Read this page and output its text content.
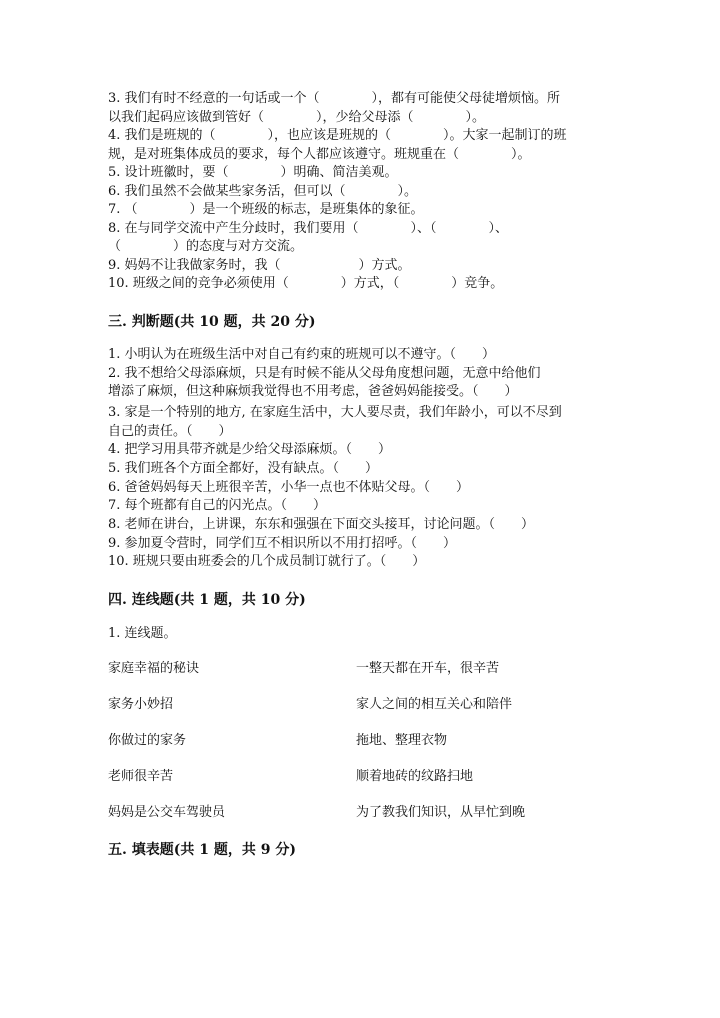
3. 我们有时不经意的一句话或一个（　　　　），都有可能使父母徒增烦恼。所
以我们起码应该做到管好（　　　　），少给父母添（　　　　）。
4. 我们是班规的（　　　　），也应该是班规的（　　　　）。大家一起制订的班
规，是对班集体成员的要求，每个人都应该遵守。班规重在（　　　　）。
5. 设计班徽时，要（　　　　）明确、简洁美观。
6. 我们虽然不会做某些家务活，但可以（　　　　）。
7. （　　　　）是一个班级的标志，是班集体的象征。
8. 在与同学交流中产生分歧时，我们要用（　　　　）、（　　　　）、
（　　　　）的态度与对方交流。
9. 妈妈不让我做家务时，我（　　　　　　）方式。
10. 班级之间的竞争必须使用（　　　　）方式，（　　　　）竞争。
三. 判断题(共 10 题，共 20 分)
1. 小明认为在班级生活中对自己有约束的班规可以不遵守。（　　）
2. 我不想给父母添麻烦，只是有时候不能从父母角度想问题，无意中给他们
增添了麻烦，但这种麻烦我觉得也不用考虑，爸爸妈妈能接受。（　　）
3. 家是一个特别的地方, 在家庭生活中，大人要尽责，我们年龄小，可以不尽到
自己的责任。（　　）
4. 把学习用具带齐就是少给父母添麻烦。（　　）
5. 我们班各个方面全都好，没有缺点。（　　）
6. 爸爸妈妈每天上班很辛苦，小华一点也不体贴父母。（　　）
7. 每个班都有自己的闪光点。（　　）
8. 老师在讲台，上讲课，东东和强强在下面交头接耳，讨论问题。（　　）
9. 参加夏令营时，同学们互不相识所以不用打招呼。（　　）
10. 班规只要由班委会的几个成员制订就行了。（　　）
四. 连线题(共 1 题，共 10 分)
1. 连线题。
家庭幸福的秘诀	一整天都在开车，很辛苦
家务小妙招	家人之间的相互关心和陪伴
你做过的家务	拖地、整理衣物
老师很辛苦	顺着地砖的纹路扫地
妈妈是公交车驾驶员	为了教我们知识，从早忙到晚
五. 填表题(共 1 题，共 9 分)
